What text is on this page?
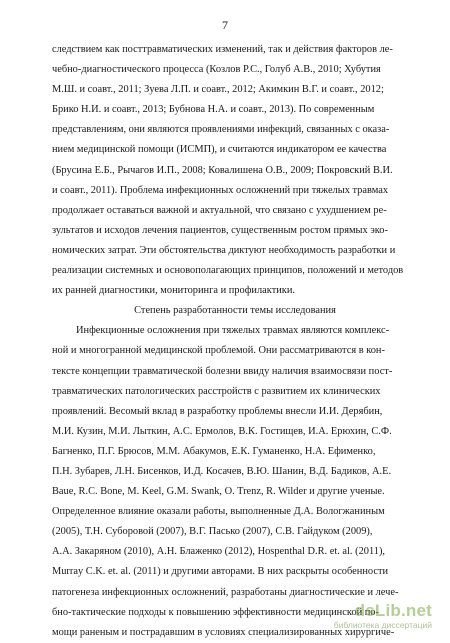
7
следствием как посттравматических изменений, так и действия факторов ле-
чебно-диагностического процесса (Козлов Р.С., Голуб А.В., 2010; Хубутия
М.Ш. и соавт., 2011; Зуева Л.П. и соавт., 2012; Акимкин В.Г. и соавт., 2012;
Брико Н.И. и соавт., 2013; Бубнова Н.А. и соавт., 2013). По современным
представлениям, они являются проявлениями инфекций, связанных с оказа-
нием медицинской помощи (ИСМП), и считаются индикатором ее качества
(Брусина Е.Б., Рычагов И.П., 2008; Ковалишена О.В., 2009; Покровский В.И.
и соавт., 2011). Проблема инфекционных осложнений при тяжелых травмах
продолжает оставаться важной и актуальной, что связано с ухудшением ре-
зультатов и исходов лечения пациентов, существенным ростом прямых эко-
номических затрат. Эти обстоятельства диктуют необходимость разработки и
реализации системных и основополагающих принципов, положений и методов
их ранней диагностики, мониторинга и профилактики.
Степень разработанности темы исследования
Инфекционные осложнения при тяжелых травмах являются комплекс-
ной и многогранной медицинской проблемой. Они рассматриваются в кон-
тексте концепции травматической болезни ввиду наличия взаимосвязи пост-
травматических патологических расстройств с развитием их клинических
проявлений. Весомый вклад в разработку проблемы внесли И.И. Дерябин,
М.И. Кузин, М.И. Лыткин, А.С. Ермолов, В.К. Гостищев, И.А. Ерюхин, С.Ф.
Багненко, П.Г. Брюсов, М.М. Абакумов, Е.К. Гуманенко, Н.А. Ефименко,
П.Н. Зубарев, Л.Н. Бисенков, И.Д. Косачев, В.Ю. Шанин, В.Д. Бадиков, А.Е.
Baue, R.C. Bone, M. Keel, G.M. Swank, O. Trenz, R. Wilder и другие ученые.
Определенное влияние оказали работы, выполненные Д.А. Вологжаниным
(2005), Т.Н. Суборовой (2007), В.Г. Пасько (2007), С.В. Гайдуком (2009),
А.А. Закаряном (2010), А.Н. Блаженко (2012), Hospenthal D.R. et. al. (2011),
Murray C.K. et. al. (2011) и другими авторами. В них раскрыты особенности
патогенеза инфекционных осложнений, разработаны диагностические и лече-
бно-тактические подходы к повышению эффективности медицинской по-
мощи раненым и пострадавшим в условиях специализированных хирургиче-
dsLib.net
библиотека диссертаций
